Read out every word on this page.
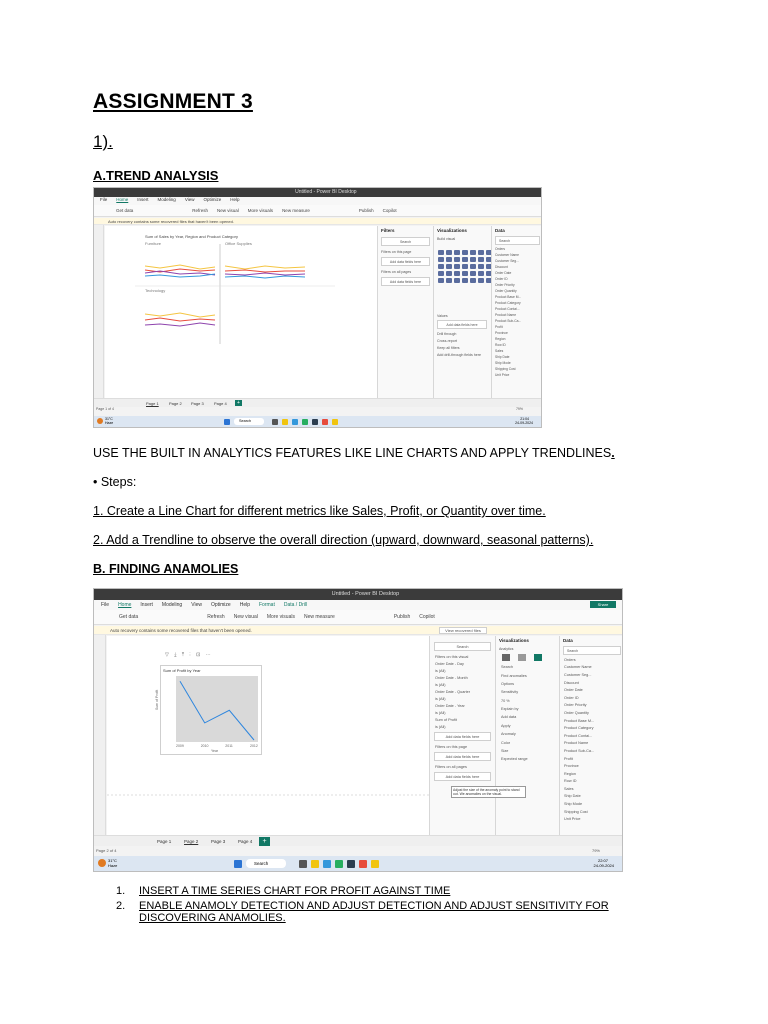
ASSIGNMENT 3
1).
A.TREND ANALYSIS
Untitled - Power BI Desktop
File Home Insert Modeling View Optimize Help
Get data	Refresh New visual More visuals New measure	Publish Copilot
Auto recovery contains some recovered files that haven't been opened.
Sum of Sales by Year, Region and Product Category
Furniture	Office Supplies
Technology
Filters
Search
Filters on this page
Add data fields here
Filters on all pages
Add data fields here
Visualizations
Build visual
Values
Add data fields here
Drill through
Cross-report
Keep all filters
Add drill-through fields here
Data
Search
Orders
Customer Name
Customer Seg...
Discount
Order Date
Order ID
Order Priority
Order Quantity
Product Base M...
Product Category
Product Contai...
Product Name
Product Sub-Ca...
Profit
Province
Region
Row ID
Sales
Ship Date
Ship Mode
Shipping Cost
Unit Price
Page 1	Page 2 Page 3	Page 4	+
Page 1 of 4	79%
31°C
Haze	Search	21:04
24-09-2024
USE THE BUILT IN ANALYTICS FEATURES LIKE LINE CHARTS AND APPLY TRENDLINES.
• Steps:
1. Create a Line Chart for different metrics like Sales, Profit, or Quantity over time.
2. Add a Trendline to observe the overall direction (upward, downward, seasonal patterns).
B. FINDING ANAMOLIES
Untitled - Power BI Desktop
File Home Insert Modeling View Optimize Help Format Data / Drill	Share
Get data	Refresh New visual More visuals New measure	Publish Copilot
Auto recovery contains some recovered files that haven't been opened.	View recovered files
Sum of Profit by Year
Sum of Profit
Year
2009	2010	2011	2012
▽ ⤓ ⤒ ⫶ ⊡ ⋯
Search
Filters on this visual
Order Date - Day
is (All)
Order Date - Month
is (All)
Order Date - Quarter
is (All)
Order Date - Year
is (All)
Sum of Profit
is (All)
Add data fields here
Filters on this page
Add data fields here
Filters on all pages
Add data fields here
Visualizations
Analytics
Search
Find anomalies
Options
Sensitivity
70 %
Explain by
Add data
Apply
Anomaly
Color
Size
Expected range
Adjust the size of the anomaly point to stand out. We anomalies on the visual.
Data
Search
Orders
Customer Name
Customer Seg...
Discount
Order Date
Order ID
Order Priority
Order Quantity
Product Base M...
Product Category
Product Contai...
Product Name
Product Sub-Ca...
Profit
Province
Region
Row ID
Sales
Ship Date
Ship Mode
Shipping Cost
Unit Price
Page 1	Page 2	Page 3	Page 4	+
Page 2 of 4	79%
31°C
Haze	Search
22:07
24-09-2024
1. INSERT A TIME SERIES CHART FOR PROFIT AGAINST TIME
2. ENABLE ANAMOLY DETECTION AND ADJUST DETECTION AND ADJUST SENSITIVITY FOR DISCOVERING ANAMOLIES.
